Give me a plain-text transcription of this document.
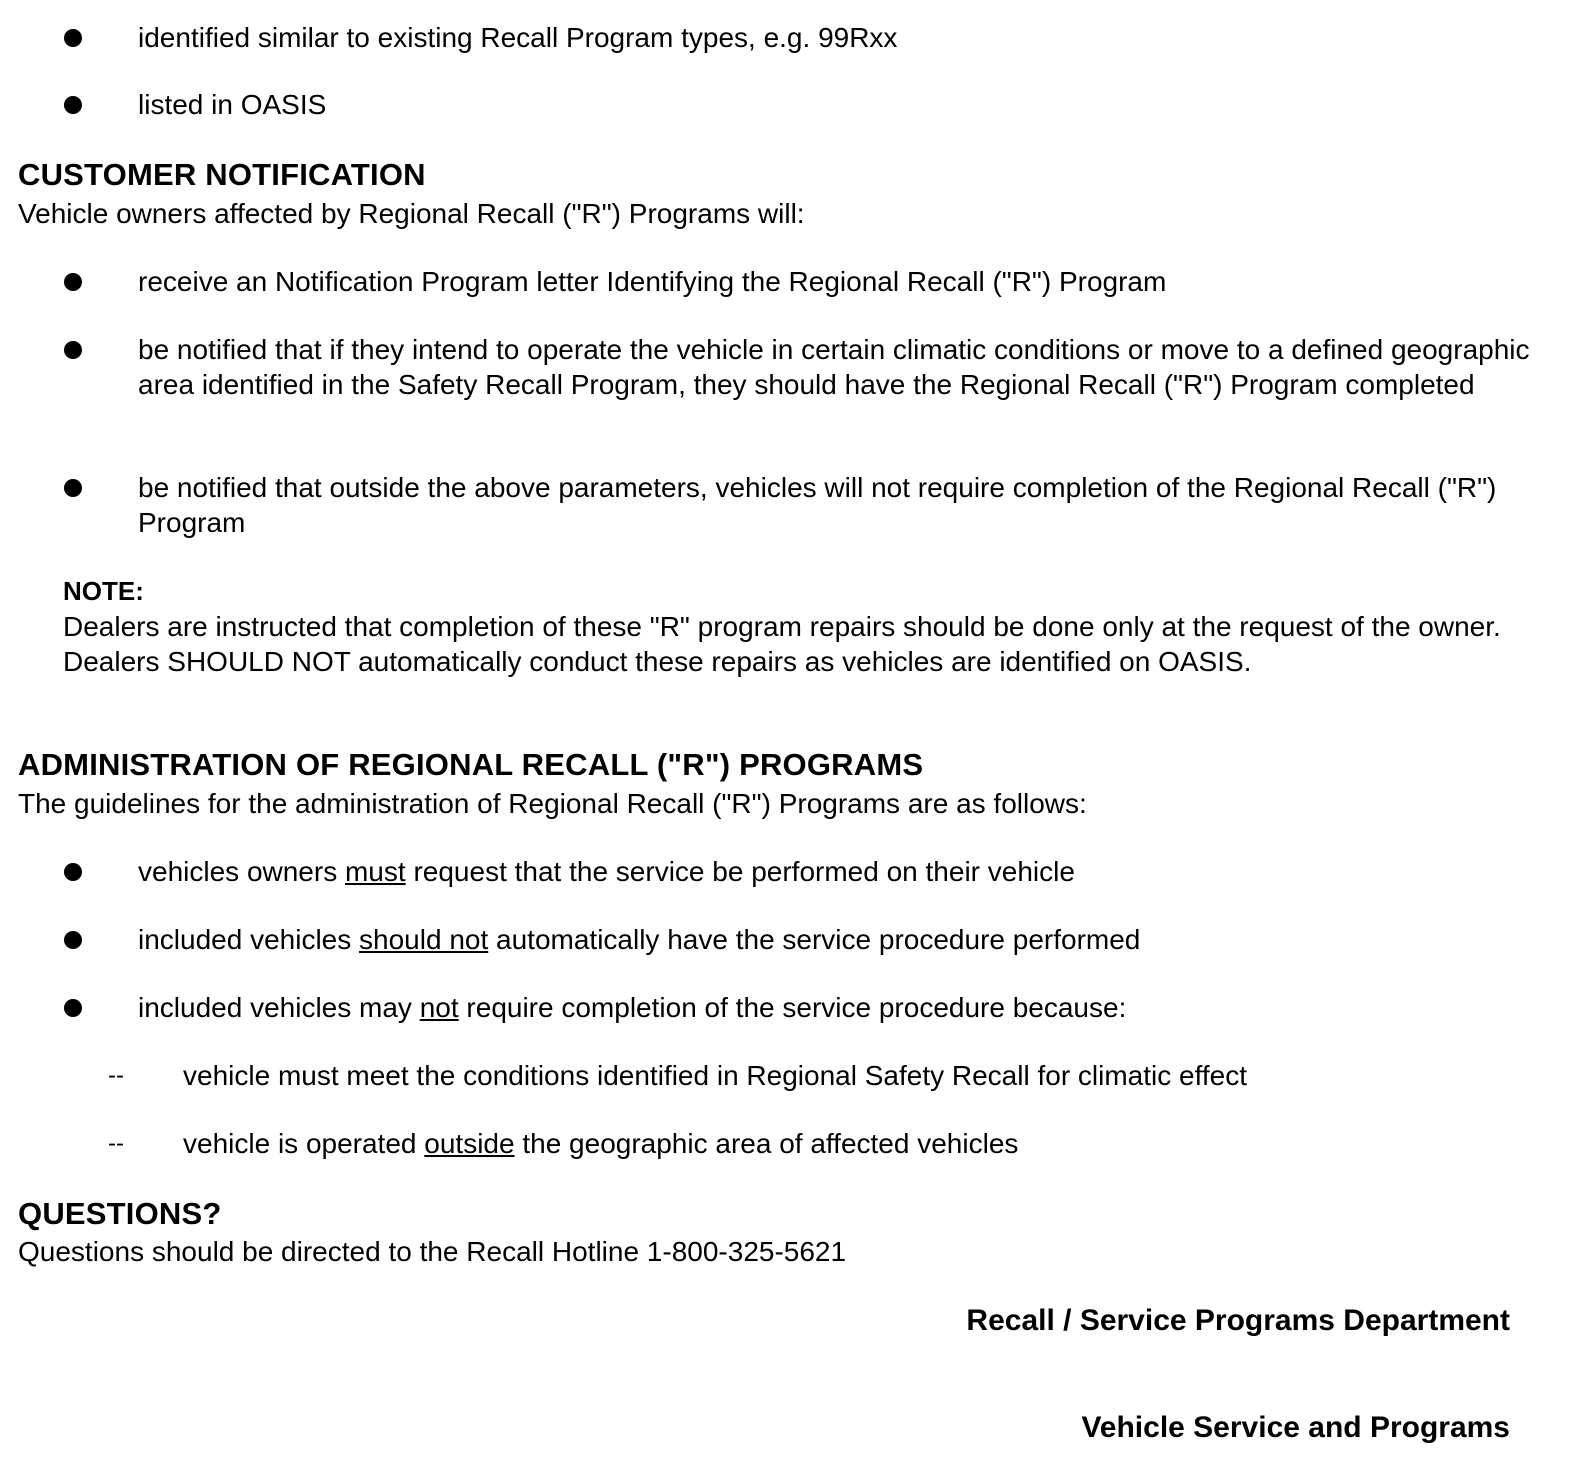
identified similar to existing Recall Program types, e.g. 99Rxx
listed in OASIS
CUSTOMER NOTIFICATION
Vehicle owners affected by Regional Recall ("R") Programs will:
receive an Notification Program letter Identifying the Regional Recall ("R") Program
be notified that if they intend to operate the vehicle in certain climatic conditions or move to a defined geographic area identified in the Safety Recall Program, they should have the Regional Recall ("R") Program completed
be notified that outside the above parameters, vehicles will not require completion of the Regional Recall ("R") Program
NOTE:
Dealers are instructed that completion of these "R" program repairs should be done only at the request of the owner. Dealers SHOULD NOT automatically conduct these repairs as vehicles are identified on OASIS.
ADMINISTRATION OF REGIONAL RECALL ("R") PROGRAMS
The guidelines for the administration of Regional Recall ("R") Programs are as follows:
vehicles owners must request that the service be performed on their vehicle
included vehicles should not automatically have the service procedure performed
included vehicles may not require completion of the service procedure because:
-- vehicle must meet the conditions identified in Regional Safety Recall for climatic effect
-- vehicle is operated outside the geographic area of affected vehicles
QUESTIONS?
Questions should be directed to the Recall Hotline 1-800-325-5621
Recall / Service Programs Department
Vehicle Service and Programs
